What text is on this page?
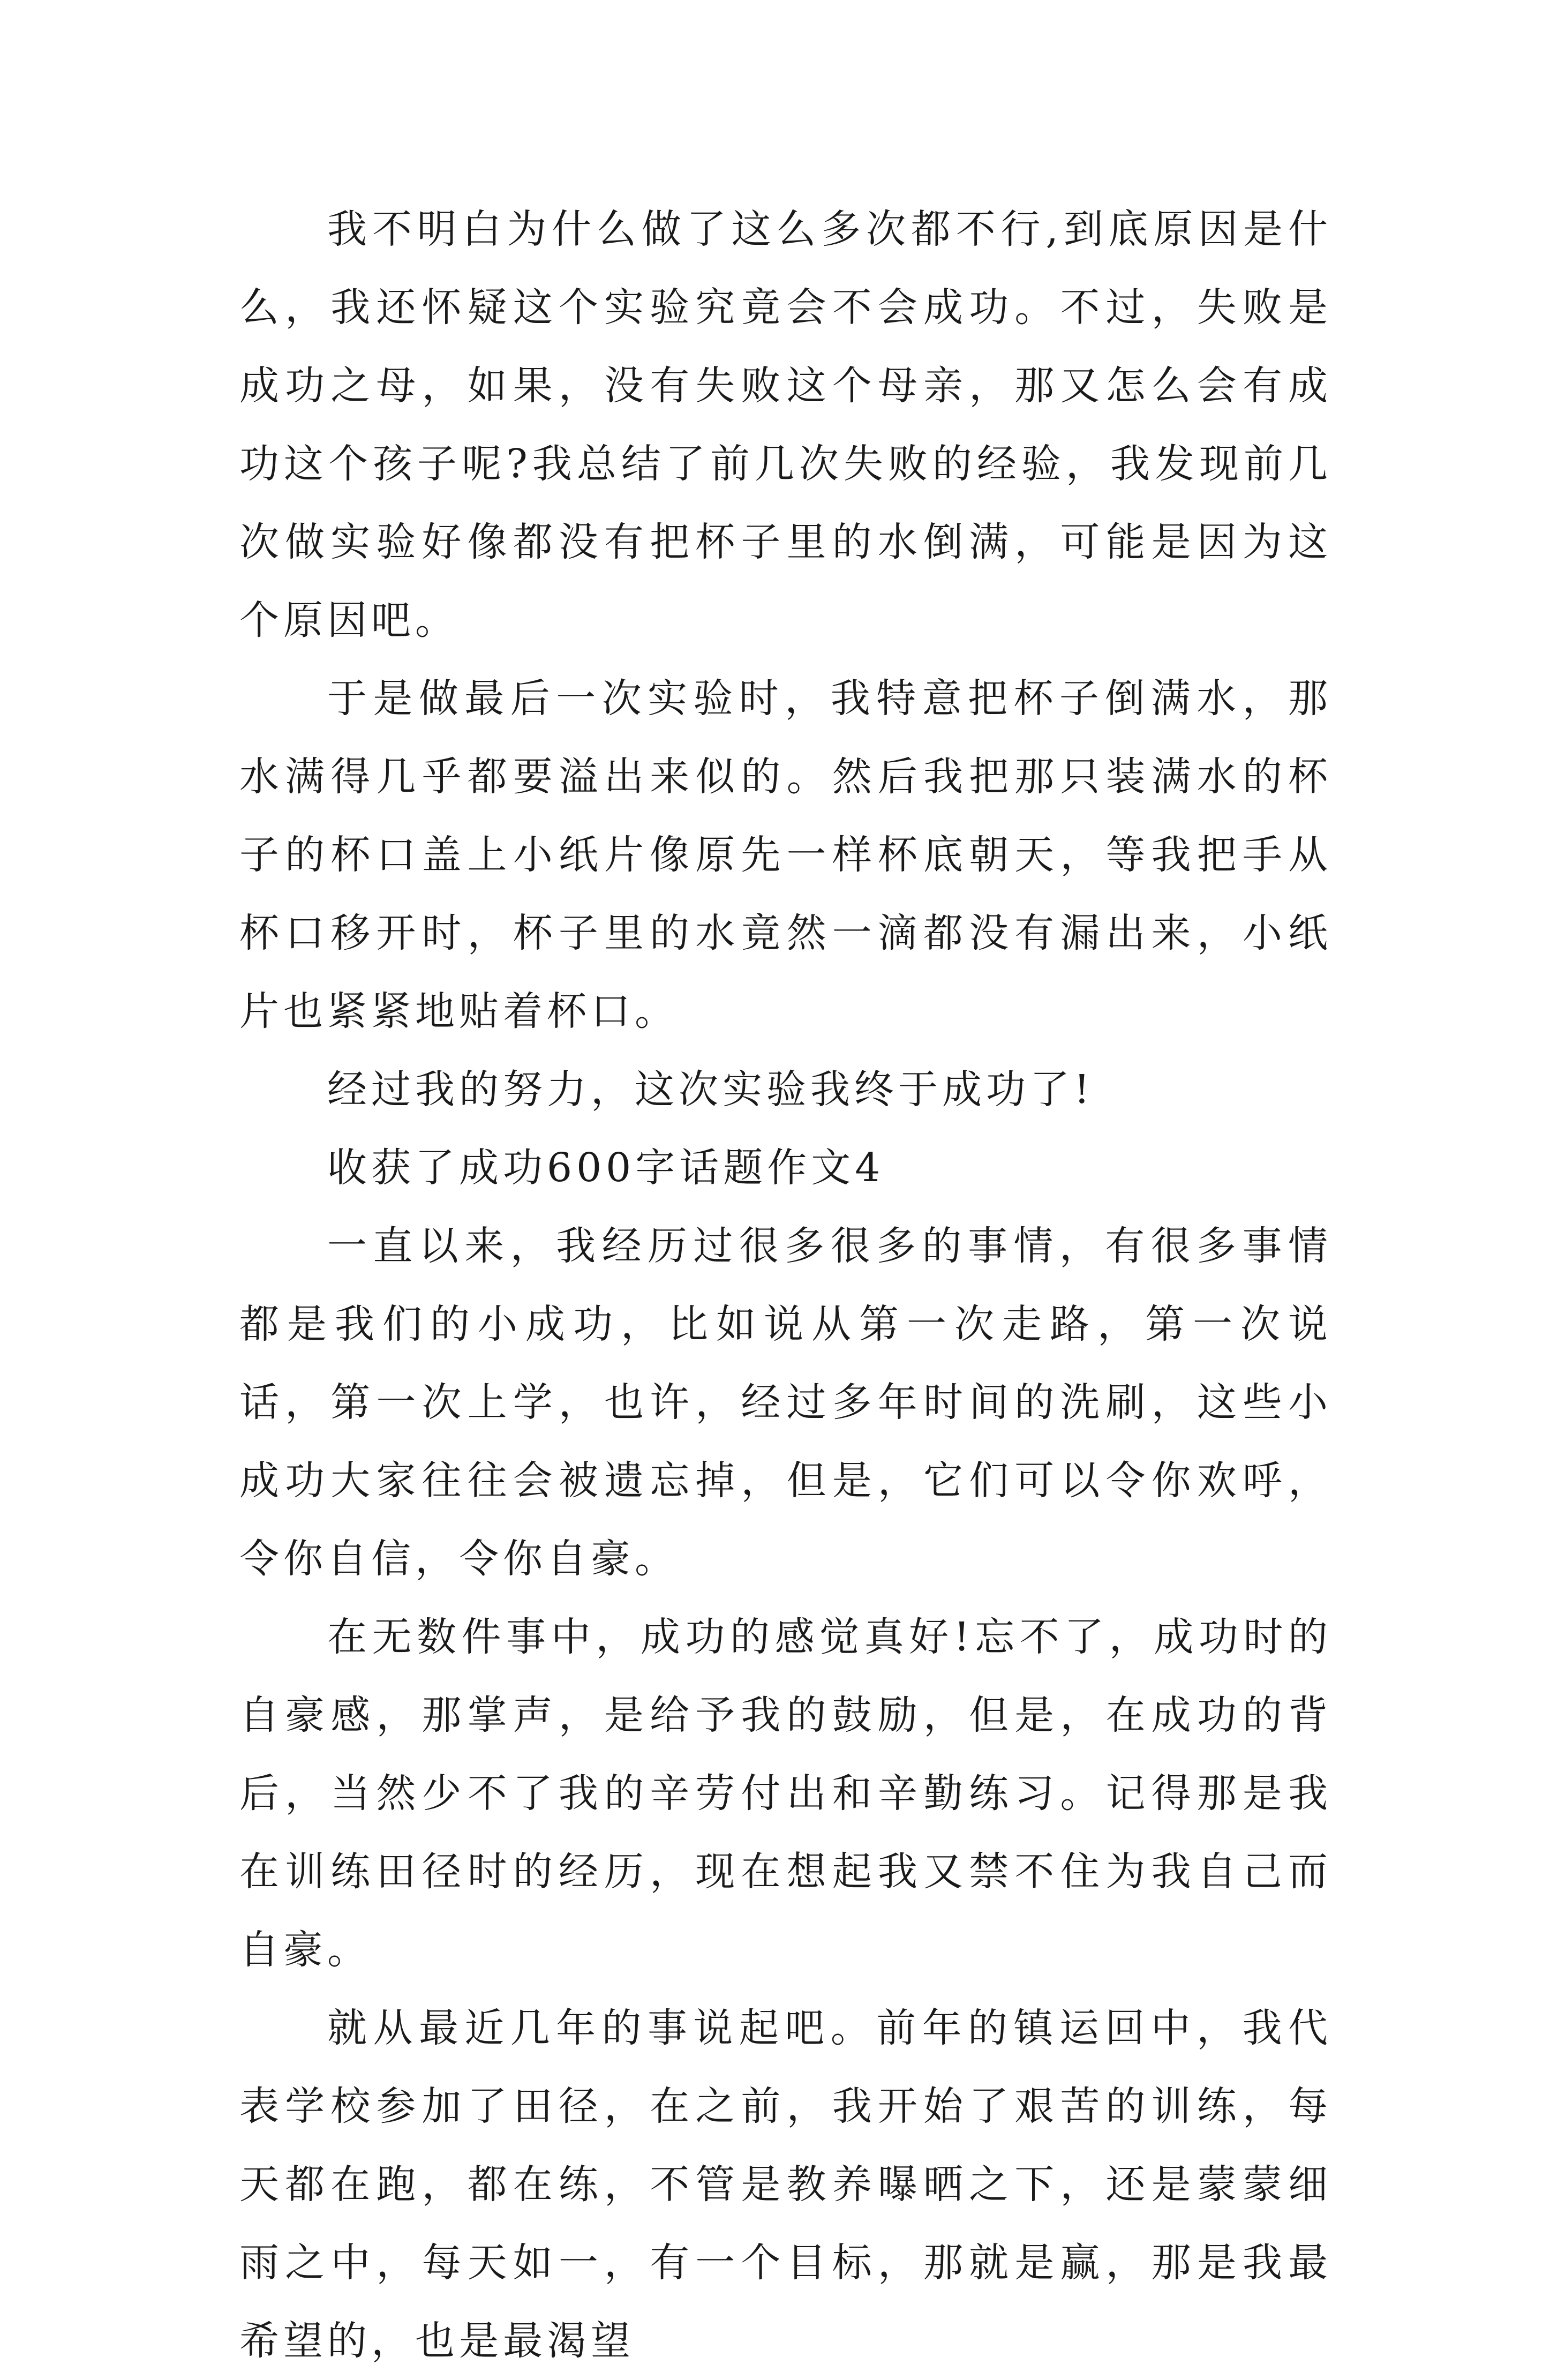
我不明白为什么做了这么多次都不行,到底原因是什么，我还怀疑这个实验究竟会不会成功。不过，失败是成功之母，如果，没有失败这个母亲，那又怎么会有成功这个孩子呢?我总结了前几次失败的经验，我发现前几次做实验好像都没有把杯子里的水倒满，可能是因为这个原因吧。

于是做最后一次实验时，我特意把杯子倒满水，那水满得几乎都要溢出来似的。然后我把那只装满水的杯子的杯口盖上小纸片像原先一样杯底朝天，等我把手从杯口移开时，杯子里的水竟然一滴都没有漏出来，小纸片也紧紧地贴着杯口。

经过我的努力，这次实验我终于成功了!

收获了成功600字话题作文4

一直以来，我经历过很多很多的事情，有很多事情都是我们的小成功，比如说从第一次走路，第一次说话，第一次上学，也许，经过多年时间的洗刷，这些小成功大家往往会被遗忘掉，但是，它们可以令你欢呼，令你自信，令你自豪。

在无数件事中，成功的感觉真好!忘不了，成功时的自豪感，那掌声，是给予我的鼓励，但是，在成功的背后，当然少不了我的辛劳付出和辛勤练习。记得那是我在训练田径时的经历，现在想起我又禁不住为我自己而自豪。

就从最近几年的事说起吧。前年的镇运回中，我代表学校参加了田径，在之前，我开始了艰苦的训练，每天都在跑，都在练，不管是教养曝晒之下，还是蒙蒙细雨之中，每天如一，有一个目标，那就是赢，那是我最希望的，也是最渴望
